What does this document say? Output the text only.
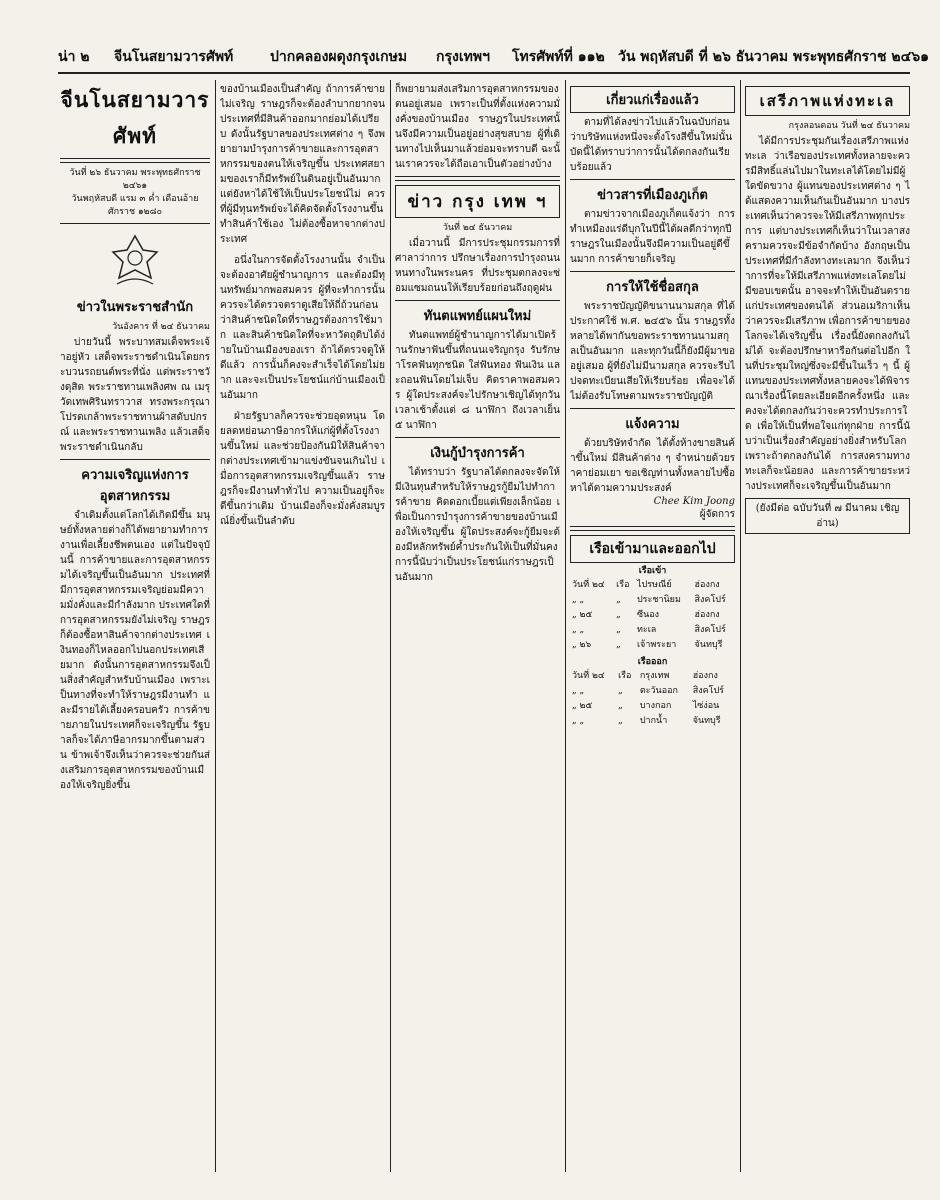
น่า ๒ จีนโนสยามวารศัพท์	ปากคลองผดุงกรุงเกษม กรุงเทพฯ โทรศัพท์ที่ ๑๑๒ วัน พฤหัสบดี ที่ ๒๖ ธันวาคม พระพุทธศักราช ๒๔๖๑

จีนโนสยามวารศัพท์

วันที่ ๒๖ ธันวาคม พระพุทธศักราช ๒๔๖๑

วันพฤหัสบดี แรม ๓ ค่ำ เดือนอ้าย

ศักราช ๑๒๘๐

ข่าวในพระราชสำนัก

วันอังคาร ที่ ๒๔ ธันวาคม

บ่ายวันนี้ พระบาทสมเด็จพระเจ้าอยู่หัว เสด็จพระราชดำเนินโดยกระบวนรถยนต์พระที่นั่ง แต่พระราชวังดุสิต พระราชทานเพลิงศพ ณ เมรุวัดเทพศิรินทราวาส ทรงพระกรุณาโปรดเกล้าพระราชทานผ้าสดับปกรณ์ และพระราชทานเพลิง แล้วเสด็จพระราชดำเนินกลับ

ความเจริญแห่งการอุตสาหกรรม

จำเดิมตั้งแต่โลกได้เกิดมีขึ้น มนุษย์ทั้งหลายต่างก็ได้พยายามทำการงานเพื่อเลี้ยงชีพตนเอง แต่ในปัจจุบันนี้ การค้าขายและการอุตสาหกรรมได้เจริญขึ้นเป็นอันมาก ประเทศที่มีการอุตสาหกรรมเจริญย่อมมีความมั่งคั่งและมีกำลังมาก ประเทศใดที่การอุตสาหกรรมยังไม่เจริญ ราษฎรก็ต้องซื้อหาสินค้าจากต่างประเทศ เงินทองก็ไหลออกไปนอกประเทศเสียมาก ดังนั้นการอุตสาหกรรมจึงเป็นสิ่งสำคัญสำหรับบ้านเมือง เพราะเป็นทางที่จะทำให้ราษฎรมีงานทำ และมีรายได้เลี้ยงครอบครัว การค้าขายภายในประเทศก็จะเจริญขึ้น รัฐบาลก็จะได้ภาษีอากรมากขึ้นตามส่วน ข้าพเจ้าจึงเห็นว่าควรจะช่วยกันส่งเสริมการอุตสาหกรรมของบ้านเมืองให้เจริญยิ่งขึ้น

ของบ้านเมืองเป็นสำคัญ ถ้าการค้าขายไม่เจริญ ราษฎรก็จะต้องลำบากยากจน ประเทศที่มีสินค้าออกมากย่อมได้เปรียบ ดังนั้นรัฐบาลของประเทศต่าง ๆ จึงพยายามบำรุงการค้าขายและการอุตสาหกรรมของตนให้เจริญขึ้น ประเทศสยามของเราก็มีทรัพย์ในดินอยู่เป็นอันมาก แต่ยังหาได้ใช้ให้เป็นประโยชน์ไม่ ควรที่ผู้มีทุนทรัพย์จะได้คิดจัดตั้งโรงงานขึ้นทำสินค้าใช้เอง ไม่ต้องซื้อหาจากต่างประเทศ

อนึ่งในการจัดตั้งโรงงานนั้น จำเป็นจะต้องอาศัยผู้ชำนาญการ และต้องมีทุนทรัพย์มากพอสมควร ผู้ที่จะทำการนั้นควรจะได้ตรวจตราดูเสียให้ถี่ถ้วนก่อน ว่าสินค้าชนิดใดที่ราษฎรต้องการใช้มาก และสินค้าชนิดใดที่จะหาวัตถุดิบได้ง่ายในบ้านเมืองของเรา ถ้าได้ตรวจดูให้ดีแล้ว การนั้นก็คงจะสำเร็จได้โดยไม่ยาก และจะเป็นประโยชน์แก่บ้านเมืองเป็นอันมาก

ฝ่ายรัฐบาลก็ควรจะช่วยอุดหนุน โดยลดหย่อนภาษีอากรให้แก่ผู้ที่ตั้งโรงงานขึ้นใหม่ และช่วยป้องกันมิให้สินค้าจากต่างประเทศเข้ามาแข่งขันจนเกินไป เมื่อการอุตสาหกรรมเจริญขึ้นแล้ว ราษฎรก็จะมีงานทำทั่วไป ความเป็นอยู่ก็จะดีขึ้นกว่าเดิม บ้านเมืองก็จะมั่งคั่งสมบูรณ์ยิ่งขึ้นเป็นลำดับ

ก็พยายามส่งเสริมการอุตสาหกรรมของตนอยู่เสมอ เพราะเป็นที่ตั้งแห่งความมั่งคั่งของบ้านเมือง ราษฎรในประเทศนั้นจึงมีความเป็นอยู่อย่างสุขสบาย ผู้ที่เดินทางไปเห็นมาแล้วย่อมจะทราบดี ฉะนั้นเราควรจะได้ถือเอาเป็นตัวอย่างบ้าง

ข่าว กรุง เทพ ฯ

วันที่ ๒๔ ธันวาคม

เมื่อวานนี้ มีการประชุมกรรมการที่ศาลาว่าการ ปรึกษาเรื่องการบำรุงถนนหนทางในพระนคร ที่ประชุมตกลงจะซ่อมแซมถนนให้เรียบร้อยก่อนถึงฤดูฝน

ทันตแพทย์แผนใหม่

ทันตแพทย์ผู้ชำนาญการได้มาเปิดร้านรักษาฟันขึ้นที่ถนนเจริญกรุง รับรักษาโรคฟันทุกชนิด ใส่ฟันทอง ฟันเงิน และถอนฟันโดยไม่เจ็บ คิดราคาพอสมควร ผู้ใดประสงค์จะไปรักษาเชิญได้ทุกวัน เวลาเช้าตั้งแต่ ๘ นาฬิกา ถึงเวลาเย็น ๕ นาฬิกา

เงินกู้บำรุงการค้า

ได้ทราบว่า รัฐบาลได้ตกลงจะจัดให้มีเงินทุนสำหรับให้ราษฎรกู้ยืมไปทำการค้าขาย คิดดอกเบี้ยแต่เพียงเล็กน้อย เพื่อเป็นการบำรุงการค้าขายของบ้านเมืองให้เจริญขึ้น ผู้ใดประสงค์จะกู้ยืมจะต้องมีหลักทรัพย์ค้ำประกันให้เป็นที่มั่นคง การนี้นับว่าเป็นประโยชน์แก่ราษฎรเป็นอันมาก

เกี่ยวแก่เรื่องแล้ว

ตามที่ได้ลงข่าวไปแล้วในฉบับก่อน ว่าบริษัทแห่งหนึ่งจะตั้งโรงสีขึ้นใหม่นั้น บัดนี้ได้ทราบว่าการนั้นได้ตกลงกันเรียบร้อยแล้ว

ข่าวสารที่เมืองภูเก็ต

ตามข่าวจากเมืองภูเก็ตแจ้งว่า การทำเหมืองแร่ดีบุกในปีนี้ได้ผลดีกว่าทุกปี ราษฎรในเมืองนั้นจึงมีความเป็นอยู่ดีขึ้นมาก การค้าขายก็เจริญ

การให้ใช้ชื่อสกุล

พระราชบัญญัติขนานนามสกุล ที่ได้ประกาศใช้ พ.ศ. ๒๔๕๖ นั้น ราษฎรทั้งหลายได้พากันขอพระราชทานนามสกุลเป็นอันมาก และทุกวันนี้ก็ยังมีผู้มาขออยู่เสมอ ผู้ที่ยังไม่มีนามสกุล ควรจะรีบไปจดทะเบียนเสียให้เรียบร้อย เพื่อจะได้ไม่ต้องรับโทษตามพระราชบัญญัติ

แจ้งความ

ด้วยบริษัทจำกัด ได้ตั้งห้างขายสินค้าขึ้นใหม่ มีสินค้าต่าง ๆ จำหน่ายด้วยราคาย่อมเยา ขอเชิญท่านทั้งหลายไปซื้อหาได้ตามความประสงค์

Chee Kim Joong

ผู้จัดการ

เรือเข้ามาและออกไป

เรือเข้า

วันที่ ๒๔	เรือ	ไปรษณีย์	ฮ่องกง
„ „	„	ประชานิยม	สิงคโปร์
„ ๒๕	„	ซีนอง	ฮ่องกง
„ „	„	ทะเล	สิงคโปร์
„ ๒๖	„	เจ้าพระยา	จันทบุรี

เรือออก

วันที่ ๒๔	เรือ	กรุงเทพ	ฮ่องกง
„ „	„	ตะวันออก	สิงคโปร์
„ ๒๕	„	บางกอก	ไซ่ง่อน
„ „	„	ปากน้ำ	จันทบุรี

เสรีภาพแห่งทะเล

กรุงลอนดอน วันที่ ๒๔ ธันวาคม

ได้มีการประชุมกันเรื่องเสรีภาพแห่งทะเล ว่าเรือของประเทศทั้งหลายจะควรมีสิทธิ์แล่นไปมาในทะเลได้โดยไม่มีผู้ใดขัดขวาง ผู้แทนของประเทศต่าง ๆ ได้แสดงความเห็นกันเป็นอันมาก บางประเทศเห็นว่าควรจะให้มีเสรีภาพทุกประการ แต่บางประเทศก็เห็นว่าในเวลาสงครามควรจะมีข้อจำกัดบ้าง อังกฤษเป็นประเทศที่มีกำลังทางทะเลมาก จึงเห็นว่าการที่จะให้มีเสรีภาพแห่งทะเลโดยไม่มีขอบเขตนั้น อาจจะทำให้เป็นอันตรายแก่ประเทศของตนได้ ส่วนอเมริกาเห็นว่าควรจะมีเสรีภาพ เพื่อการค้าขายของโลกจะได้เจริญขึ้น เรื่องนี้ยังตกลงกันไม่ได้ จะต้องปรึกษาหารือกันต่อไปอีก ในที่ประชุมใหญ่ซึ่งจะมีขึ้นในเร็ว ๆ นี้ ผู้แทนของประเทศทั้งหลายคงจะได้พิจารณาเรื่องนี้โดยละเอียดอีกครั้งหนึ่ง และคงจะได้ตกลงกันว่าจะควรทำประการใด เพื่อให้เป็นที่พอใจแก่ทุกฝ่าย การนี้นับว่าเป็นเรื่องสำคัญอย่างยิ่งสำหรับโลก เพราะถ้าตกลงกันได้ การสงครามทางทะเลก็จะน้อยลง และการค้าขายระหว่างประเทศก็จะเจริญขึ้นเป็นอันมาก

(ยังมีต่อ ฉบับวันที่ ๗ มีนาคม เชิญอ่าน)
